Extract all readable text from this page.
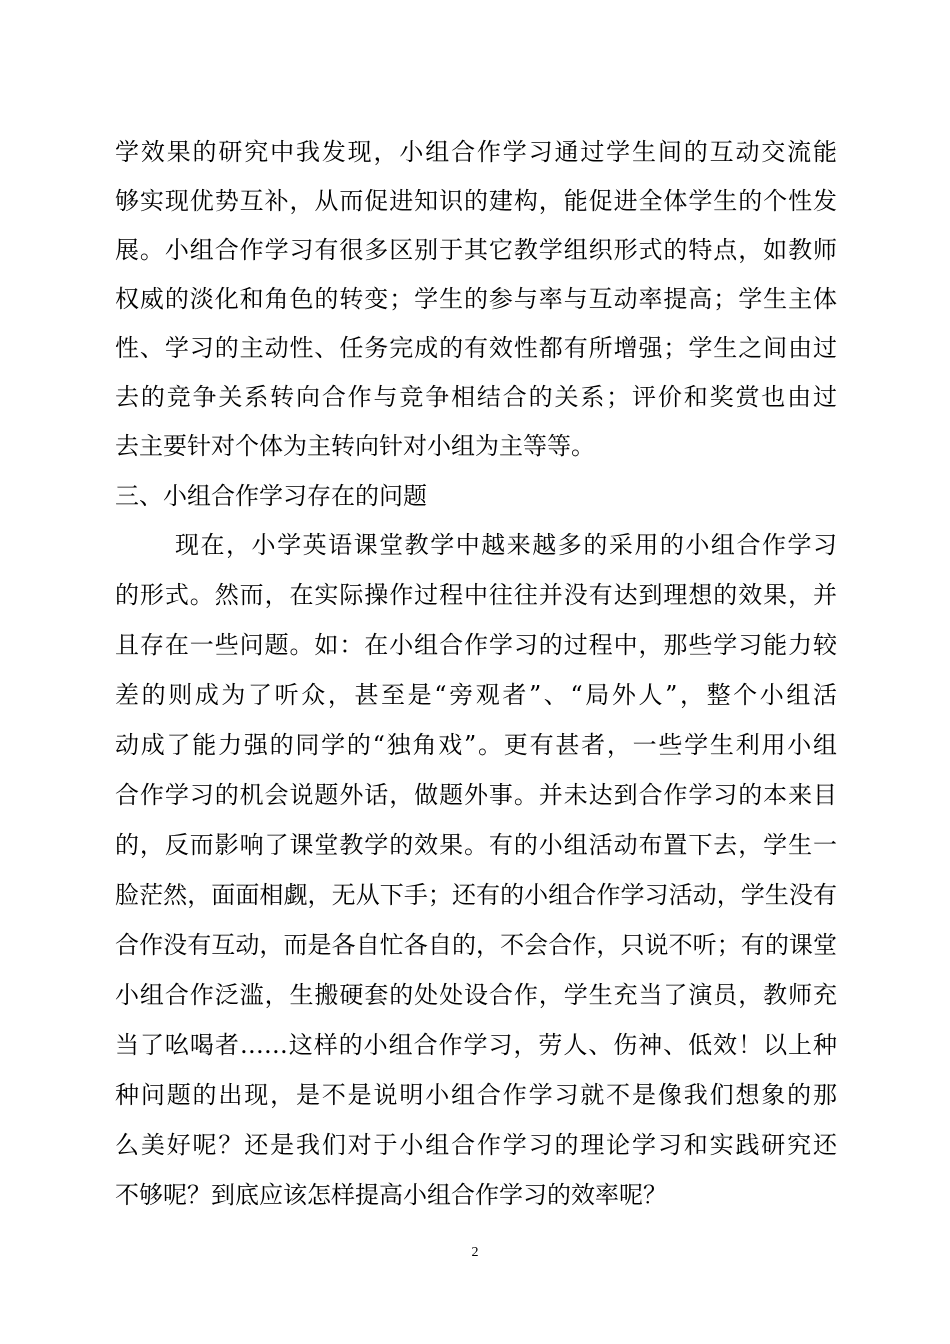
学效果的研究中我发现，小组合作学习通过学生间的互动交流能
够实现优势互补，从而促进知识的建构，能促进全体学生的个性发
展。小组合作学习有很多区别于其它教学组织形式的特点，如教师
权威的淡化和角色的转变；学生的参与率与互动率提高；学生主体
性、学习的主动性、任务完成的有效性都有所增强；学生之间由过
去的竞争关系转向合作与竞争相结合的关系；评价和奖赏也由过
去主要针对个体为主转向针对小组为主等等。
三、小组合作学习存在的问题
现在，小学英语课堂教学中越来越多的采用的小组合作学习
的形式。然而，在实际操作过程中往往并没有达到理想的效果，并
且存在一些问题。如：在小组合作学习的过程中，那些学习能力较
差的则成为了听众，甚至是“旁观者”、“局外人”，整个小组活
动成了能力强的同学的“独角戏”。更有甚者，一些学生利用小组
合作学习的机会说题外话，做题外事。并未达到合作学习的本来目
的，反而影响了课堂教学的效果。有的小组活动布置下去，学生一
脸茫然，面面相觑，无从下手；还有的小组合作学习活动，学生没有
合作没有互动，而是各自忙各自的，不会合作，只说不听；有的课堂
小组合作泛滥，生搬硬套的处处设合作，学生充当了演员，教师充
当了吆喝者……这样的小组合作学习，劳人、伤神、低效！以上种
种问题的出现，是不是说明小组合作学习就不是像我们想象的那
么美好呢？还是我们对于小组合作学习的理论学习和实践研究还
不够呢？到底应该怎样提高小组合作学习的效率呢？
2
